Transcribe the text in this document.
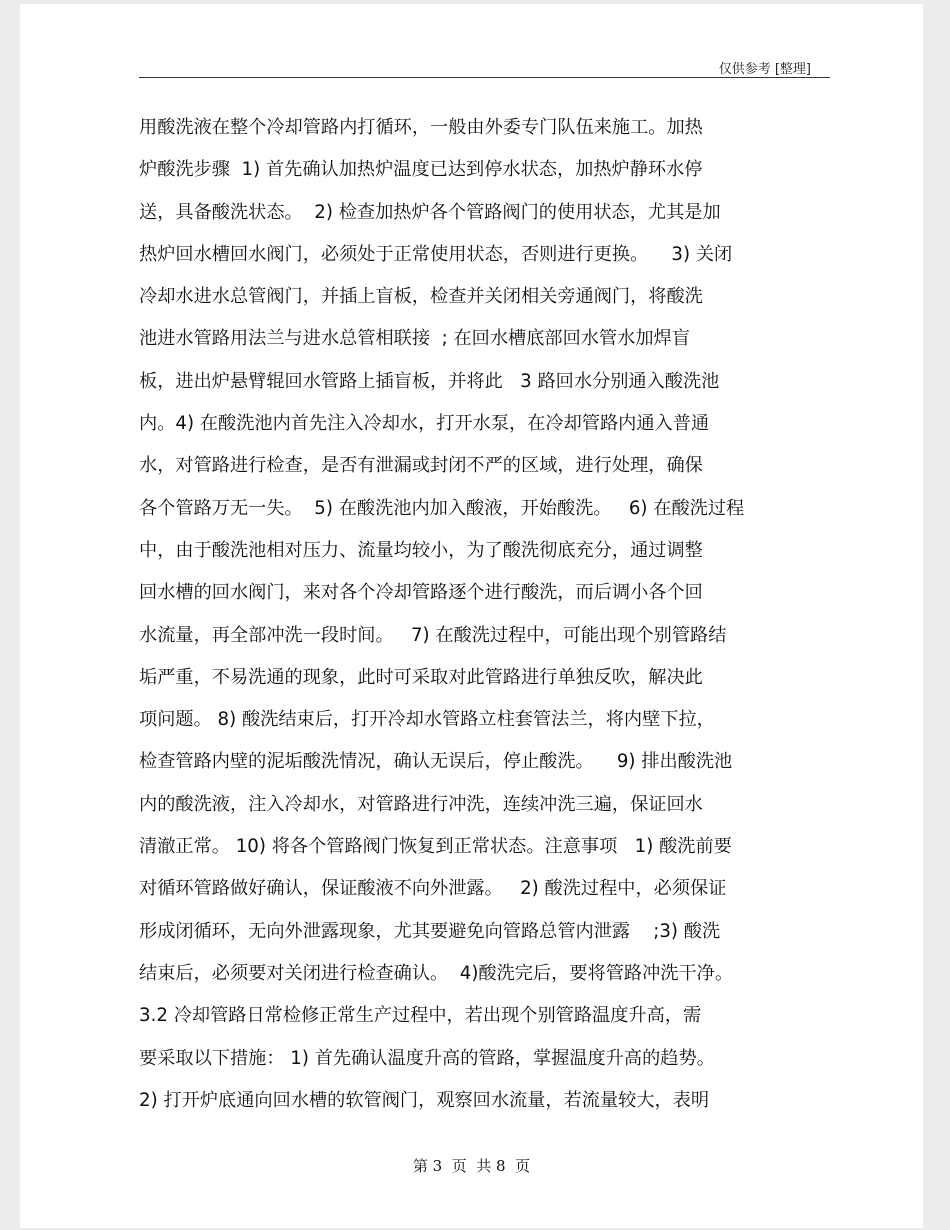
仅供参考 [整理]
用酸洗液在整个冷却管路内打循环，一般由外委专门队伍来施工。加热
炉酸洗步骤  1) 首先确认加热炉温度已达到停水状态，加热炉静环水停
送，具备酸洗状态。  2) 检查加热炉各个管路阀门的使用状态，尤其是加
热炉回水槽回水阀门，必须处于正常使用状态，否则进行更换。    3) 关闭
冷却水进水总管阀门，并插上盲板，检查并关闭相关旁通阀门，将酸洗
池进水管路用法兰与进水总管相联接  ; 在回水槽底部回水管水加焊盲
板，进出炉悬臂辊回水管路上插盲板，并将此   3 路回水分别通入酸洗池
内。4) 在酸洗池内首先注入冷却水，打开水泵，在冷却管路内通入普通
水，对管路进行检查，是否有泄漏或封闭不严的区域，进行处理，确保
各个管路万无一失。  5) 在酸洗池内加入酸液，开始酸洗。   6) 在酸洗过程
中，由于酸洗池相对压力、流量均较小，为了酸洗彻底充分，通过调整
回水槽的回水阀门，来对各个冷却管路逐个进行酸洗，而后调小各个回
水流量，再全部冲洗一段时间。   7) 在酸洗过程中，可能出现个别管路结
垢严重，不易洗通的现象，此时可采取对此管路进行单独反吹，解决此
项问题。 8) 酸洗结束后，打开冷却水管路立柱套管法兰，将内壁下拉，
检查管路内壁的泥垢酸洗情况，确认无误后，停止酸洗。    9) 排出酸洗池
内的酸洗液，注入冷却水，对管路进行冲洗，连续冲洗三遍，保证回水
清澈正常。 10) 将各个管路阀门恢复到正常状态。注意事项   1) 酸洗前要
对循环管路做好确认，保证酸液不向外泄露。   2) 酸洗过程中，必须保证
形成闭循环，无向外泄露现象，尤其要避免向管路总管内泄露    ;3) 酸洗
结束后，必须要对关闭进行检查确认。  4)酸洗完后，要将管路冲洗干净。
3.2 冷却管路日常检修正常生产过程中，若出现个别管路温度升高，需
要采取以下措施： 1) 首先确认温度升高的管路，掌握温度升高的趋势。
2) 打开炉底通向回水槽的软管阀门，观察回水流量，若流量较大，表明
第 3  页  共 8  页
